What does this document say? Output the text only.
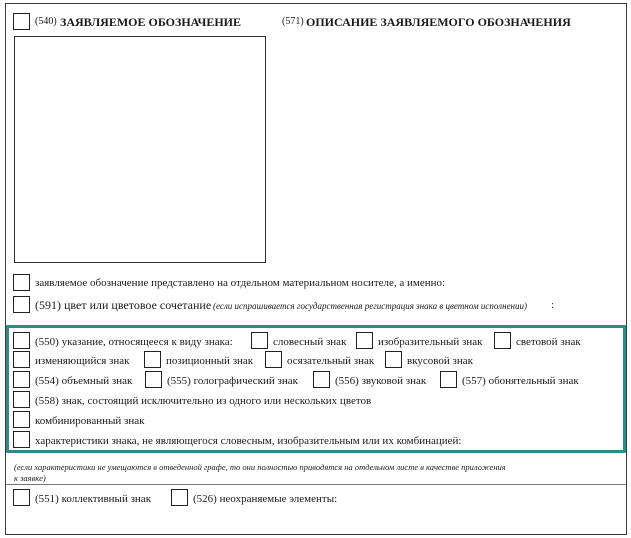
(540) ЗАЯВЛЯЕМОЕ ОБОЗНАЧЕНИЕ	(571) ОПИСАНИЕ ЗАЯВЛЯЕМОГО ОБОЗНАЧЕНИЯ
заявляемое обозначение представлено на отдельном материальном носителе, а именно:
(591) цвет или цветовое сочетание (если испрашивается государственная регистрация знака в цветном исполнении) :
(550) указание, относящееся к виду знака:	словесный знак	изобразительный знак	световой знак
изменяющийся знак	позиционный знак	осязательный знак	вкусовой знак
(554) объемный знак	(555) голографический знак	(556) звуковой знак	(557) обонятельный знак
(558) знак, состоящий исключительно из одного или нескольких цветов
комбинированный знак
характеристики знака, не являющегося словесным, изобразительным или их комбинацией:
(если характеристики не умещаются в отведенной графе, то они полностью приводятся на отдельном листе в качестве приложения
к заявке)
(551) коллективный знак	(526) неохраняемые элементы:
